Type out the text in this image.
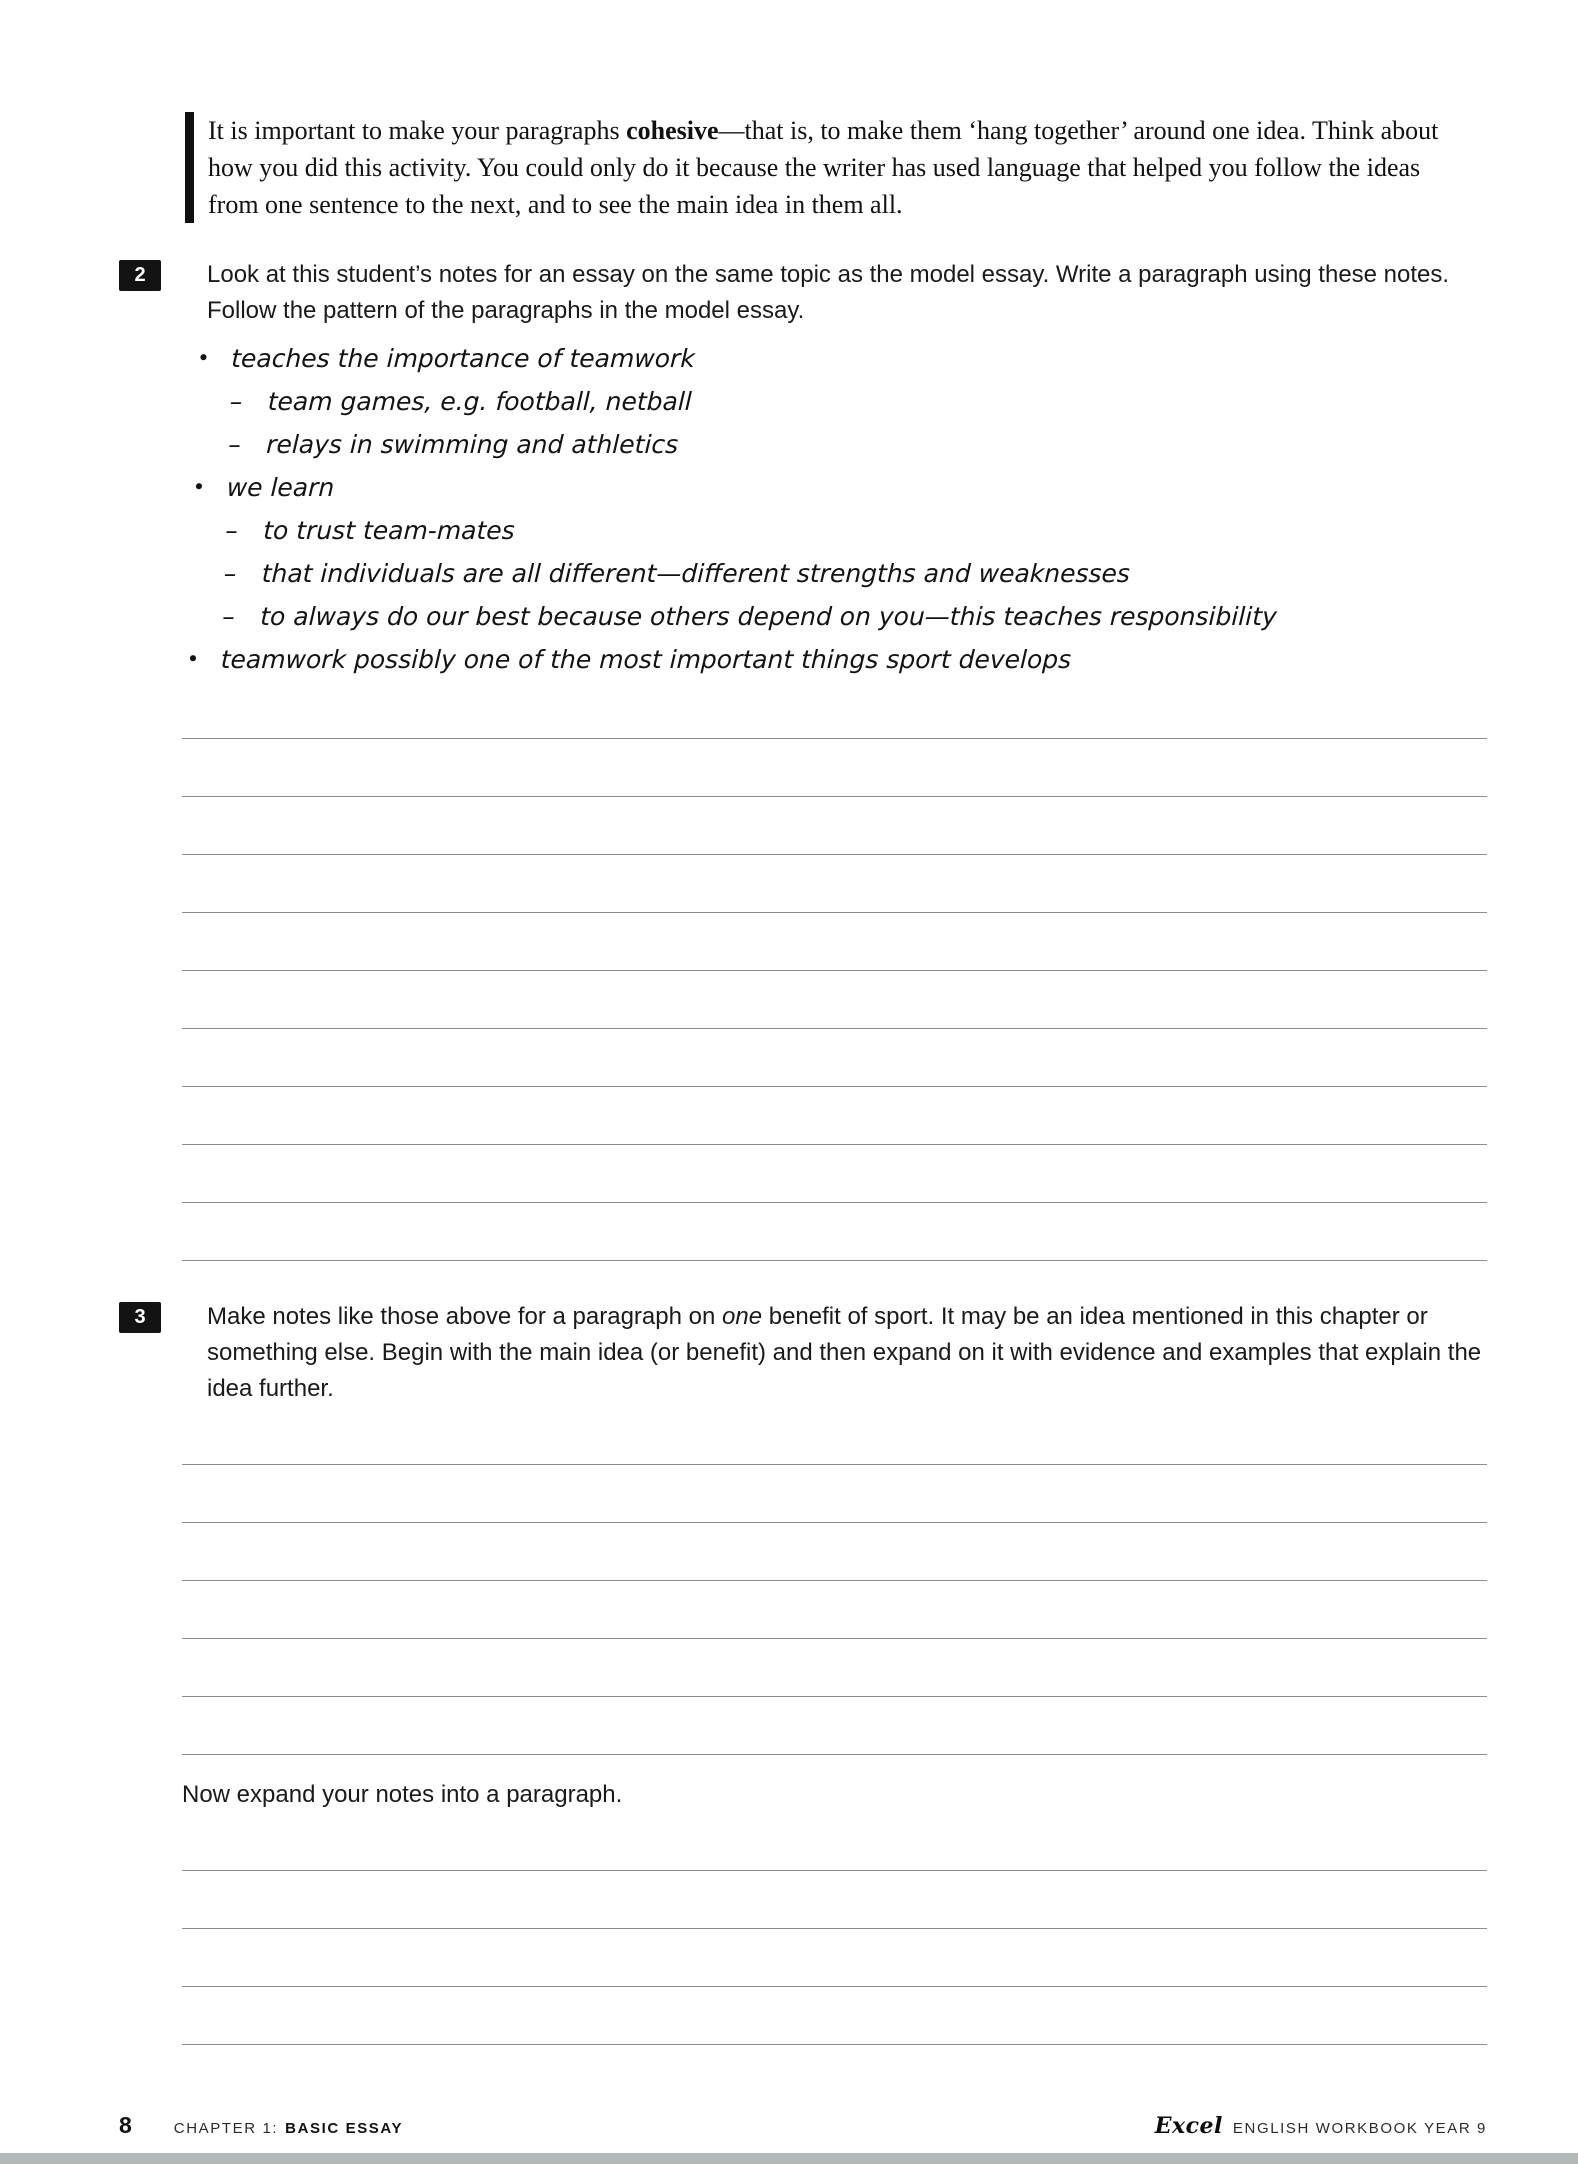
It is important to make your paragraphs cohesive—that is, to make them ‘hang together’ around one idea. Think about how you did this activity. You could only do it because the writer has used language that helped you follow the ideas from one sentence to the next, and to see the main idea in them all.
2	Look at this student’s notes for an essay on the same topic as the model essay. Write a paragraph using these notes. Follow the pattern of the paragraphs in the model essay.
• teaches the importance of teamwork
– team games, e.g. football, netball
– relays in swimming and athletics
• we learn
– to trust team-mates
– that individuals are all different—different strengths and weaknesses
– to always do our best because others depend on you—this teaches responsibility
• teamwork possibly one of the most important things sport develops
3	Make notes like those above for a paragraph on one benefit of sport. It may be an idea mentioned in this chapter or something else. Begin with the main idea (or benefit) and then expand on it with evidence and examples that explain the idea further.
Now expand your notes into a paragraph.
8	CHAPTER 1: BASIC ESSAY	Excel ENGLISH WORKBOOK YEAR 9
